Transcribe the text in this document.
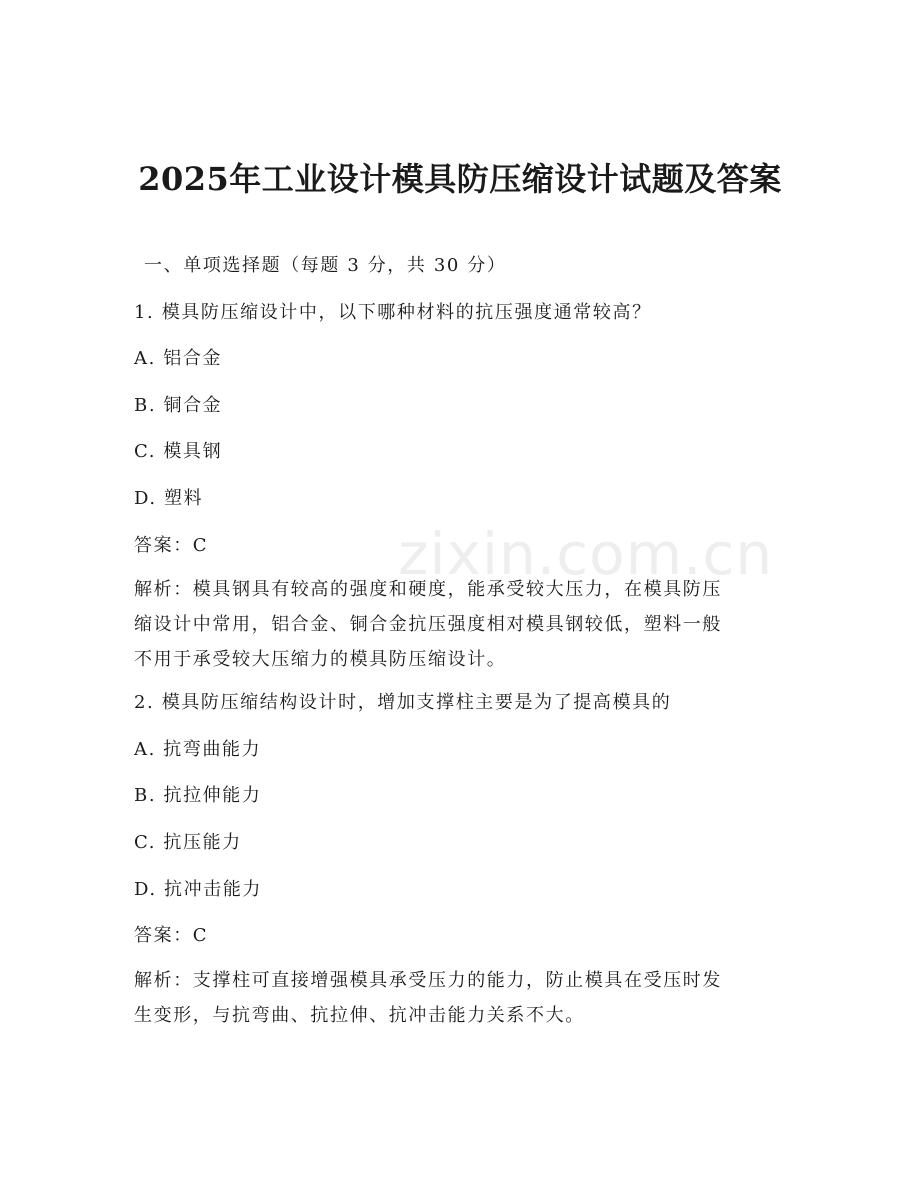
2025年工业设计模具防压缩设计试题及答案
一、单项选择题（每题 3 分，共 30 分）
1. 模具防压缩设计中，以下哪种材料的抗压强度通常较高？
A. 铝合金
B. 铜合金
C. 模具钢
D. 塑料
答案：C

解析：模具钢具有较高的强度和硬度，能承受较大压力，在模具防压

缩设计中常用，铝合金、铜合金抗压强度相对模具钢较低，塑料一般

不用于承受较大压缩力的模具防压缩设计。

2. 模具防压缩结构设计时，增加支撑柱主要是为了提高模具的
A. 抗弯曲能力
B. 抗拉伸能力
C. 抗压能力
D. 抗冲击能力
答案：C

解析：支撑柱可直接增强模具承受压力的能力，防止模具在受压时发

生变形，与抗弯曲、抗拉伸、抗冲击能力关系不大。

zixin.com.cn
